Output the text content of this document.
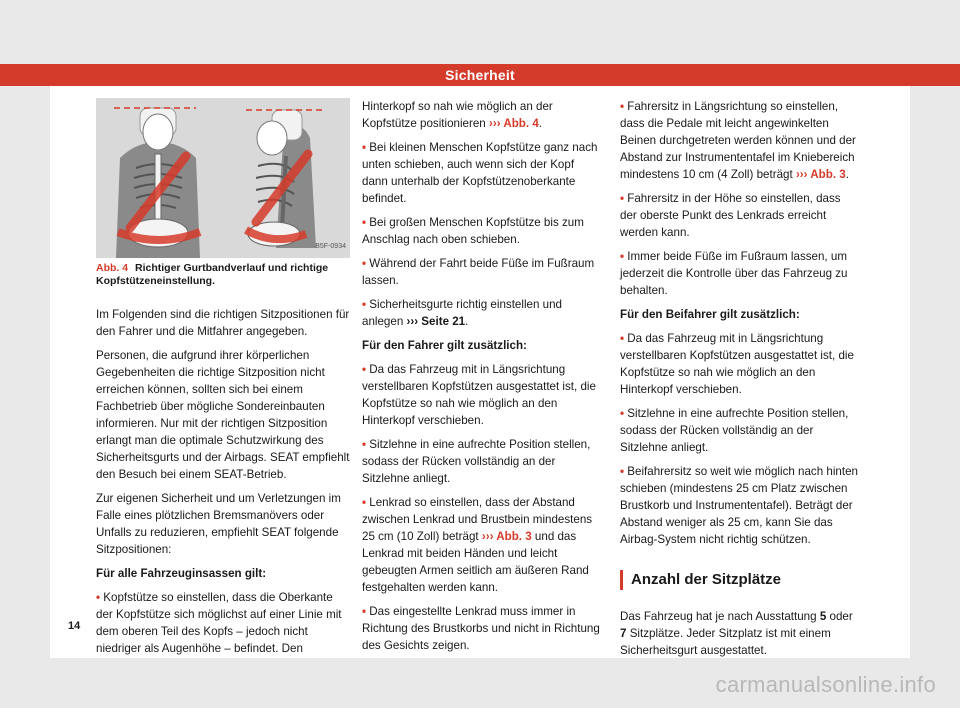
Sicherheit
B5F-0934
Abb. 4 Richtiger Gurtbandverlauf und richtige Kopfstützeneinstellung.

Im Folgenden sind die richtigen Sitzpositionen für den Fahrer und die Mitfahrer angegeben.

Personen, die aufgrund ihrer körperlichen Gegebenheiten die richtige Sitzposition nicht erreichen können, sollten sich bei einem Fachbetrieb über mögliche Sondereinbauten informieren. Nur mit der richtigen Sitzposition erlangt man die optimale Schutzwirkung des Sicherheitsgurts und der Airbags. SEAT empfiehlt den Besuch bei einem SEAT-Betrieb.

Zur eigenen Sicherheit und um Verletzungen im Falle eines plötzlichen Bremsmanövers oder Unfalls zu reduzieren, empfiehlt SEAT folgende Sitzpositionen:

Für alle Fahrzeuginsassen gilt:

• Kopfstütze so einstellen, dass die Oberkante der Kopfstütze sich möglichst auf einer Linie mit dem oberen Teil des Kopfs – jedoch nicht niedriger als Augenhöhe – befindet. Den

Hinterkopf so nah wie möglich an der Kopfstütze positionieren ››› Abb. 4.

• Bei kleinen Menschen Kopfstütze ganz nach unten schieben, auch wenn sich der Kopf dann unterhalb der Kopfstützenoberkante befindet.

• Bei großen Menschen Kopfstütze bis zum Anschlag nach oben schieben.

• Während der Fahrt beide Füße im Fußraum lassen.

• Sicherheitsgurte richtig einstellen und anlegen ››› Seite 21.

Für den Fahrer gilt zusätzlich:

• Da das Fahrzeug mit in Längsrichtung verstellbaren Kopfstützen ausgestattet ist, die Kopfstütze so nah wie möglich an den Hinterkopf verschieben.

• Sitzlehne in eine aufrechte Position stellen, sodass der Rücken vollständig an der Sitzlehne anliegt.

• Lenkrad so einstellen, dass der Abstand zwischen Lenkrad und Brustbein mindestens 25 cm (10 Zoll) beträgt ››› Abb. 3 und das Lenkrad mit beiden Händen und leicht gebeugten Armen seitlich am äußeren Rand festgehalten werden kann.

• Das eingestellte Lenkrad muss immer in Richtung des Brustkorbs und nicht in Richtung des Gesichts zeigen.

• Fahrersitz in Längsrichtung so einstellen, dass die Pedale mit leicht angewinkelten Beinen durchgetreten werden können und der Abstand zur Instrumententafel im Kniebereich mindestens 10 cm (4 Zoll) beträgt ››› Abb. 3.

• Fahrersitz in der Höhe so einstellen, dass der oberste Punkt des Lenkrads erreicht werden kann.

• Immer beide Füße im Fußraum lassen, um jederzeit die Kontrolle über das Fahrzeug zu behalten.

Für den Beifahrer gilt zusätzlich:

• Da das Fahrzeug mit in Längsrichtung verstellbaren Kopfstützen ausgestattet ist, die Kopfstütze so nah wie möglich an den Hinterkopf verschieben.

• Sitzlehne in eine aufrechte Position stellen, sodass der Rücken vollständig an der Sitzlehne anliegt.

• Beifahrersitz so weit wie möglich nach hinten schieben (mindestens 25 cm Platz zwischen Brustkorb und Instrumententafel). Beträgt der Abstand weniger als 25 cm, kann Sie das Airbag-System nicht richtig schützen.

Anzahl der Sitzplätze

Das Fahrzeug hat je nach Ausstattung 5 oder 7 Sitzplätze. Jeder Sitzplatz ist mit einem Sicherheitsgurt ausgestattet.

14
carmanualsonline.info
